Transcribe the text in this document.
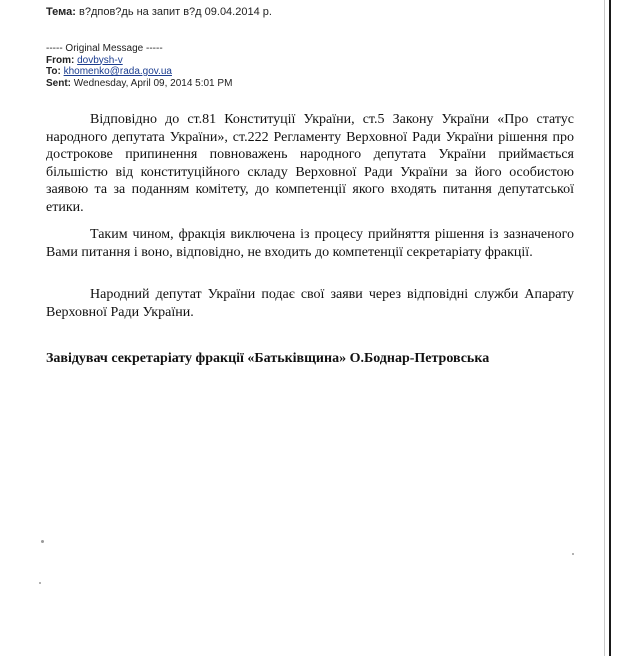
Тема: в?дпов?дь на запит в?д 09.04.2014 р.
----- Original Message -----
From: dovbysh-v
To: khomenko@rada.gov.ua
Sent: Wednesday, April 09, 2014 5:01 PM
Відповідно до ст.81 Конституції України, ст.5 Закону України «Про статус народного депутата України», ст.222 Регламенту Верховної Ради України рішення про дострокове припинення повноважень народного депутата України приймається більшістю від конституційного складу Верховної Ради України за його особистою заявою та за поданням комітету, до компетенції якого входять питання депутатської етики.
Таким чином, фракція виключена із процесу прийняття рішення із зазначеного Вами питання і воно, відповідно, не входить до компетенції секретаріату фракції.
Народний депутат України подає свої заяви через відповідні служби Апарату Верховної Ради України.
Завідувач секретаріату фракції «Батьківщина» О.Боднар-Петровська
